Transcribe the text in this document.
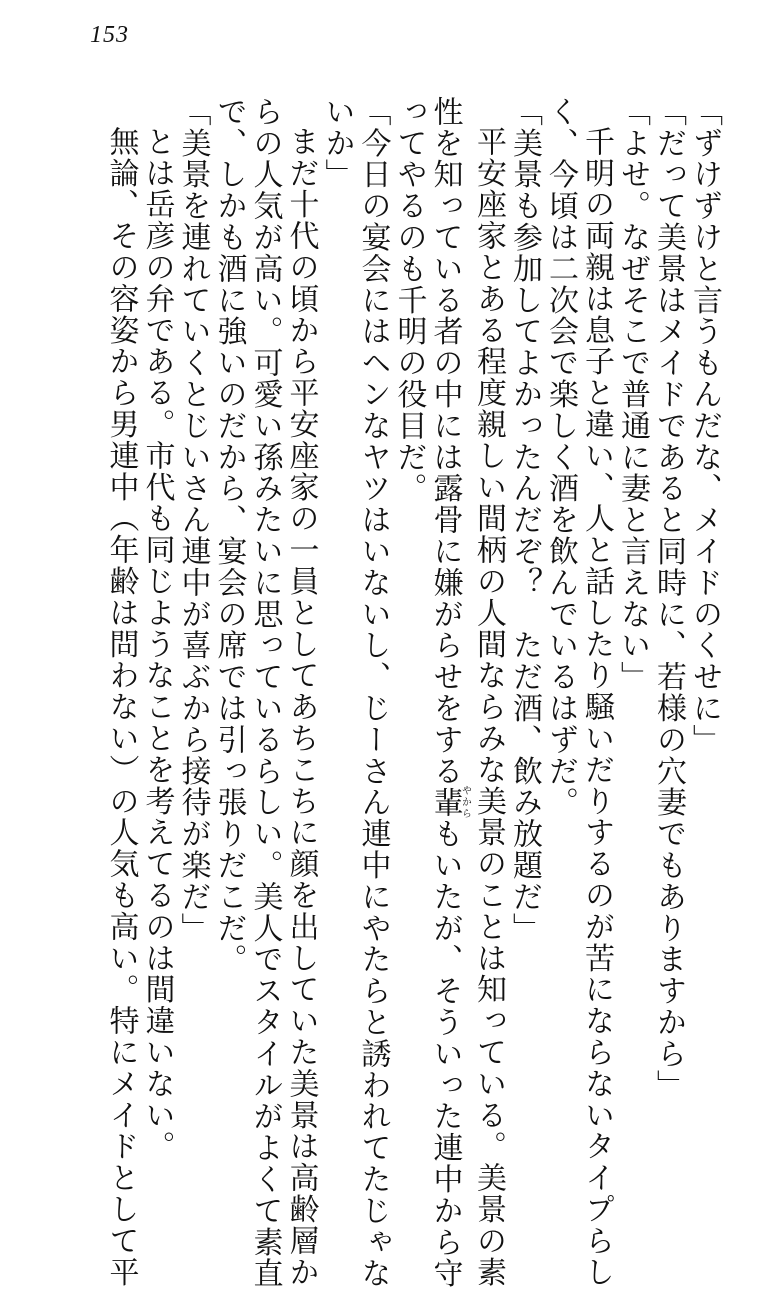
153

「ずけずけと言うもんだな、メイドのくせに」

「だって美景はメイドであると同時に、若様の穴妻でもありますから」

「よせ。なぜそこで普通に妻と言えない」

千明の両親は息子と違い、人と話したり騒いだりするのが苦にならないタイプらし

く、今頃は二次会で楽しく酒を飲んでいるはずだ。

「美景も参加してよかったんだぞ？　ただ酒、飲み放題だ」

平安座家とある程度親しい間柄の人間ならみな美景のことは知っている。美景の素

性を知っている者の中には露骨に嫌がらせをする輩やからもいたが、そういった連中から守

ってやるのも千明の役目だ。

「今日の宴会にはヘンなヤツはいないし、じーさん連中にやたらと誘われてたじゃな

いか」

まだ十代の頃から平安座家の一員としてあちこちに顔を出していた美景は高齢層か

らの人気が高い。可愛い孫みたいに思っているらしい。美人でスタイルがよくて素直

で、しかも酒に強いのだから、宴会の席では引っ張りだこだ。

「美景を連れていくとじいさん連中が喜ぶから接待が楽だ」

とは岳彦の弁である。市代も同じようなことを考えてるのは間違いない。

無論、その容姿から男連中（年齢は問わない）の人気も高い。特にメイドとして平
